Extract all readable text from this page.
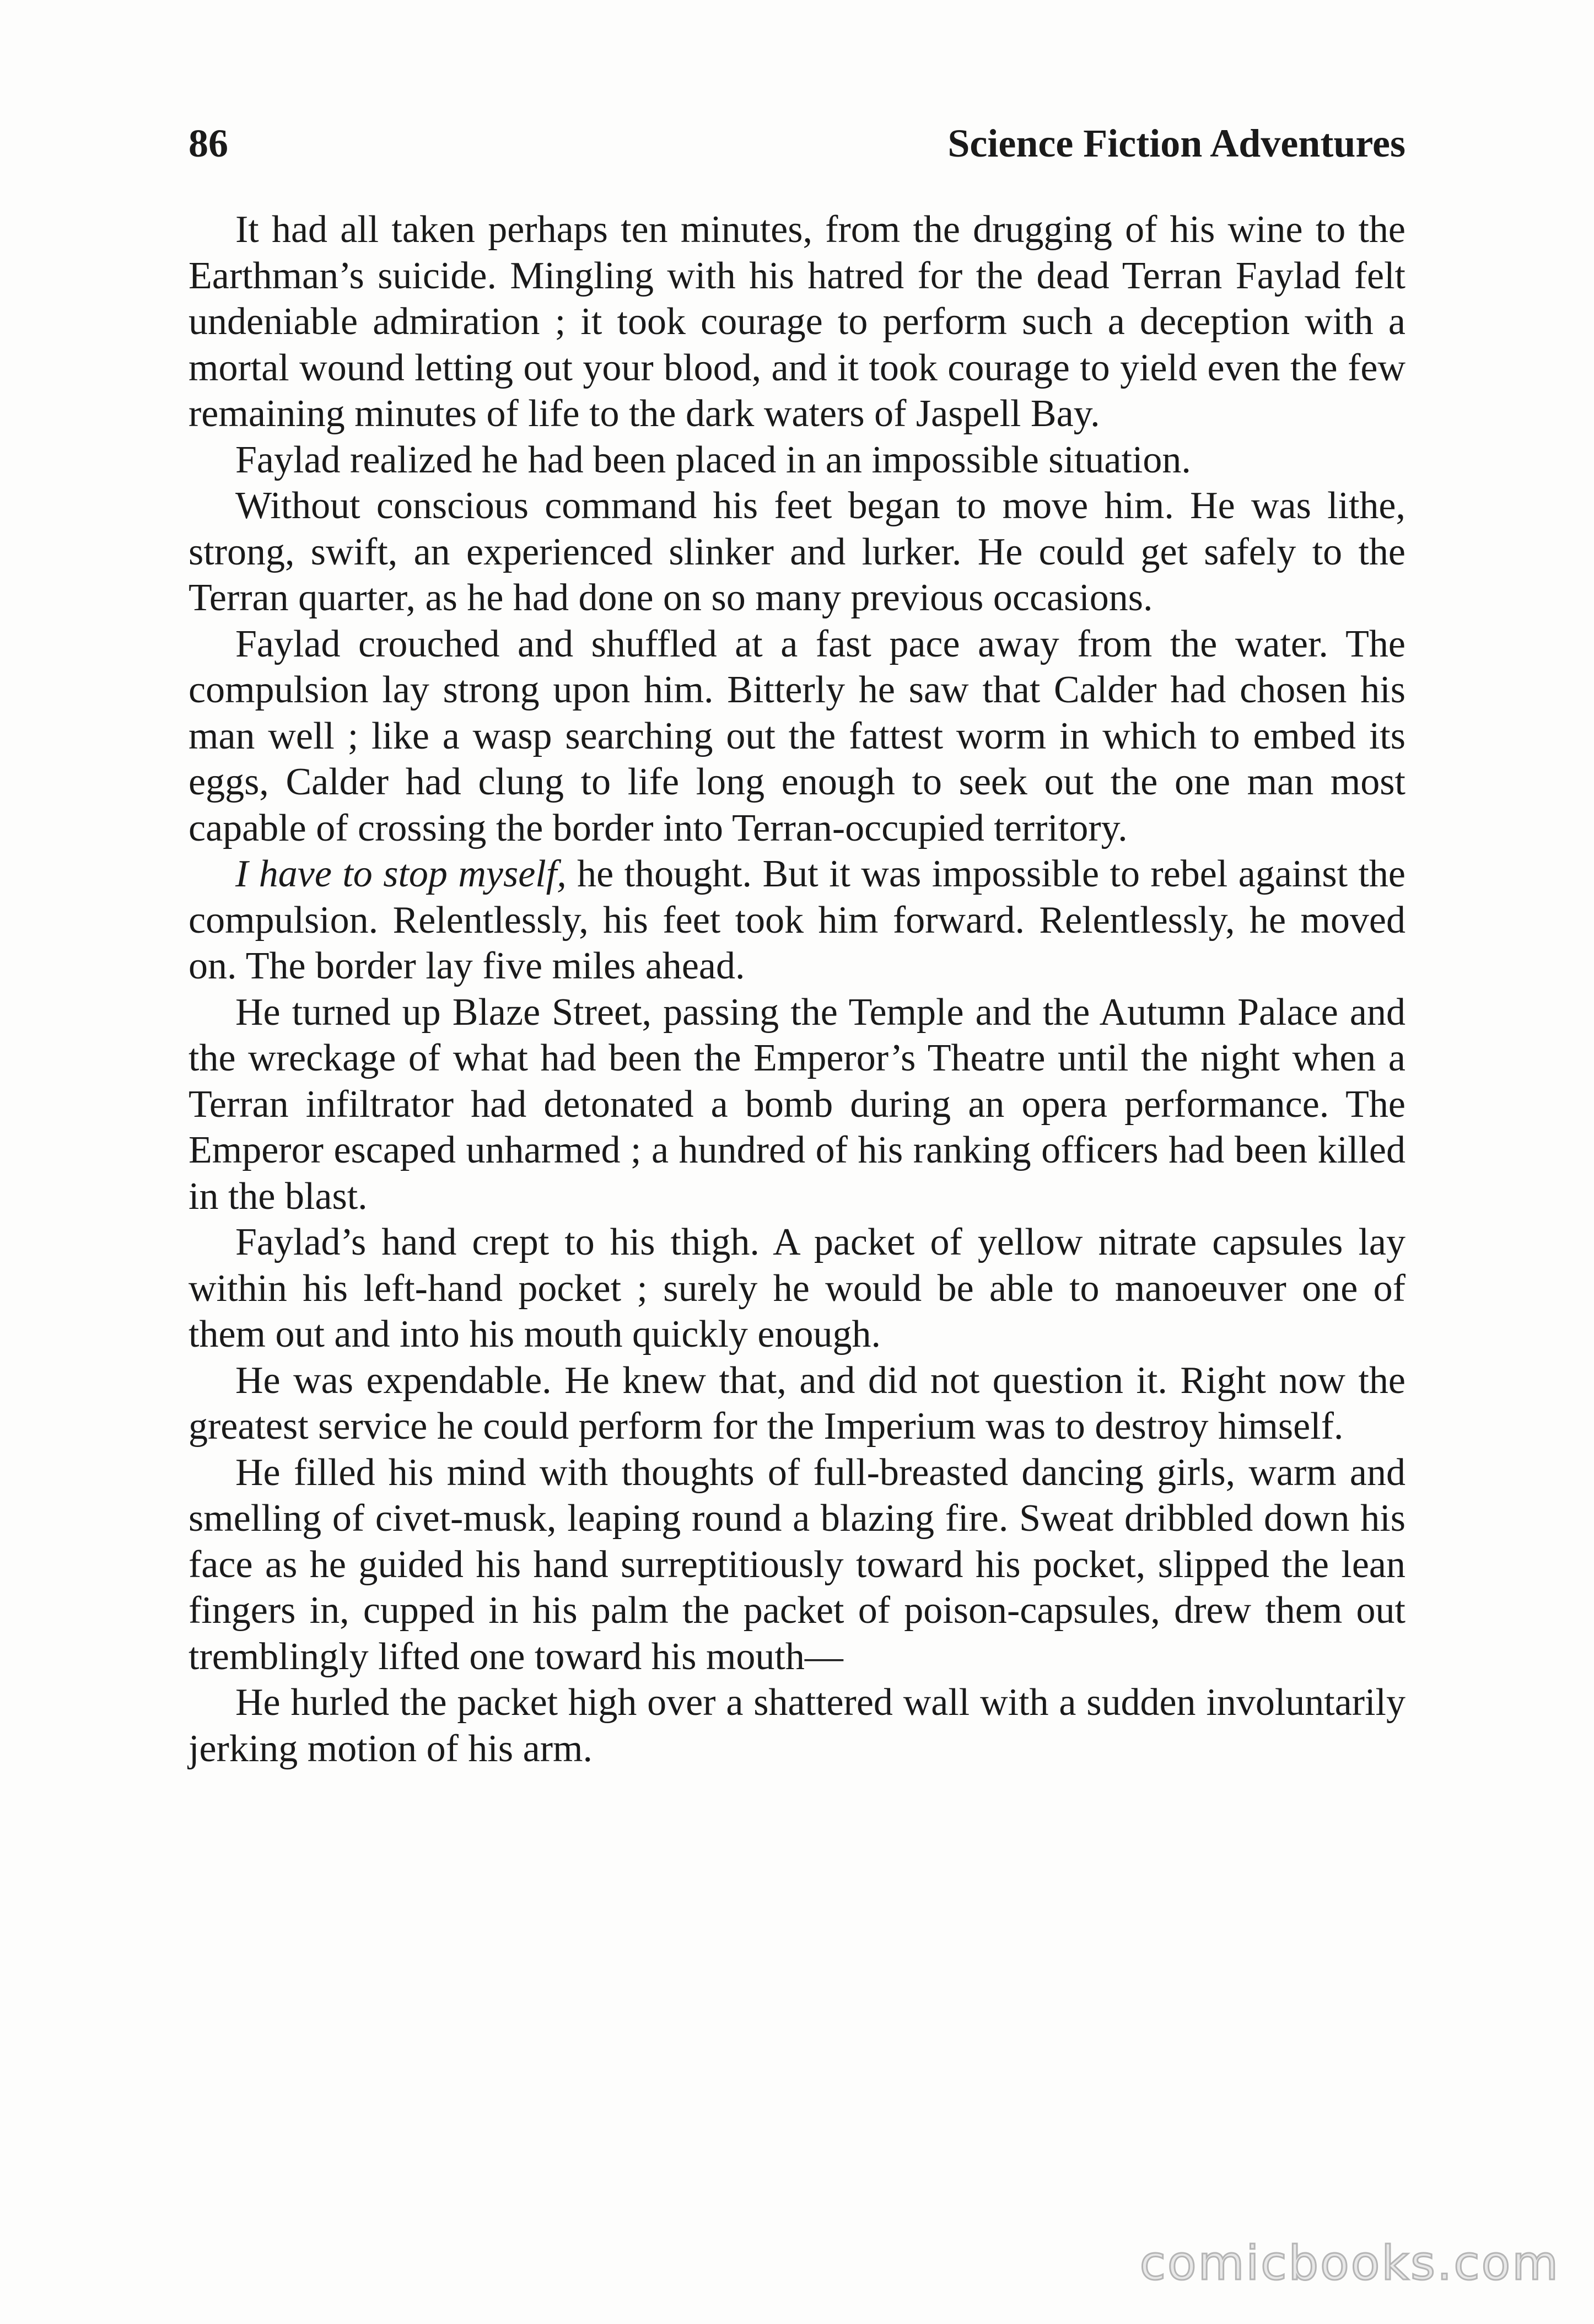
86	Science Fiction Adventures

It had all taken perhaps ten minutes, from the drugging of his wine to the Earthman’s suicide. Mingling with his hatred for the dead Terran Faylad felt undeniable admiration ; it took courage to perform such a deception with a mortal wound letting out your blood, and it took courage to yield even the few remaining minutes of life to the dark waters of Jaspell Bay.

Faylad realized he had been placed in an impossible situation.

Without conscious command his feet began to move him. He was lithe, strong, swift, an experienced slinker and lurker. He could get safely to the Terran quarter, as he had done on so many previous occasions.

Faylad crouched and shuffled at a fast pace away from the water. The compulsion lay strong upon him. Bitterly he saw that Calder had chosen his man well ; like a wasp searching out the fattest worm in which to embed its eggs, Calder had clung to life long enough to seek out the one man most capable of crossing the border into Terran-occupied territory.

I have to stop myself, he thought. But it was impossible to rebel against the compulsion. Relentlessly, his feet took him forward. Relentlessly, he moved on. The border lay five miles ahead.

He turned up Blaze Street, passing the Temple and the Autumn Palace and the wreckage of what had been the Emperor’s Theatre until the night when a Terran infiltrator had detonated a bomb during an opera performance. The Emperor escaped unharmed ; a hundred of his ranking officers had been killed in the blast.

Faylad’s hand crept to his thigh. A packet of yellow nitrate capsules lay within his left-hand pocket ; surely he would be able to manoeuver one of them out and into his mouth quickly enough.

He was expendable. He knew that, and did not question it. Right now the greatest service he could perform for the Imperium was to destroy himself.

He filled his mind with thoughts of full-breasted dancing girls, warm and smelling of civet-musk, leaping round a blazing fire. Sweat dribbled down his face as he guided his hand surreptitiously toward his pocket, slipped the lean fingers in, cupped in his palm the packet of poison-capsules, drew them out tremblingly lifted one toward his mouth—

He hurled the packet high over a shattered wall with a sudden involuntarily jerking motion of his arm.

comicbooks.com
